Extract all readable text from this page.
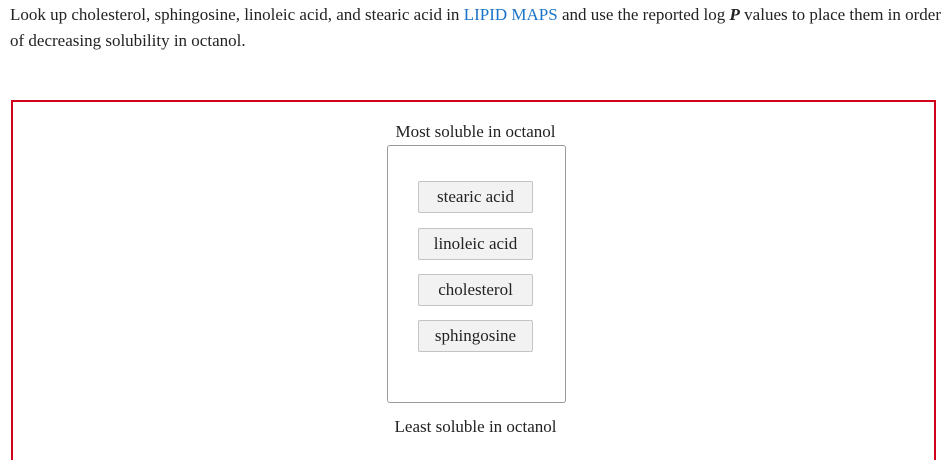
Look up cholesterol, sphingosine, linoleic acid, and stearic acid in LIPID MAPS and use the reported log P values to place them in order of decreasing solubility in octanol.

Most soluble in octanol
stearic acid
linoleic acid
cholesterol
sphingosine
Least soluble in octanol
